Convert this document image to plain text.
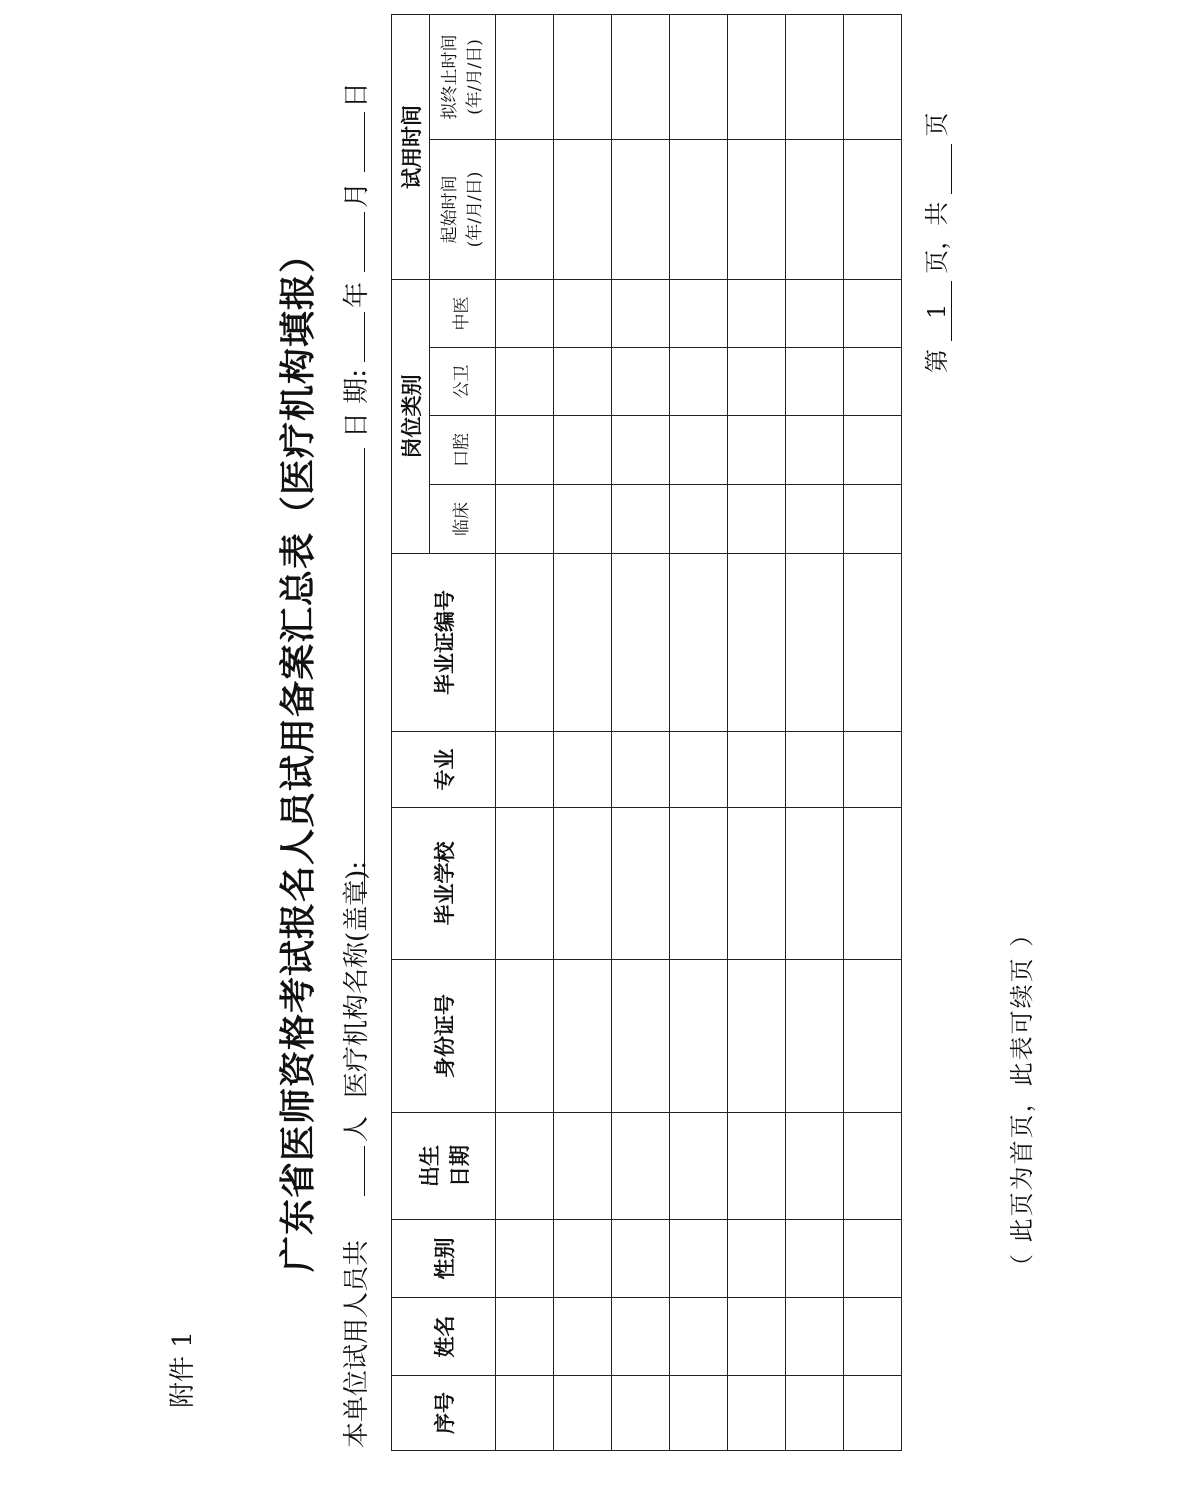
附件 1
广东省医师资格考试报名人员试用备案汇总表（医疗机构填报）
本单位试用人员共
人
医疗机构名称(盖章):
日 期:
年
月
日
序号	姓名	性别	出生 日期	身份证号	毕业学校	专业	毕业证编号	岗位类别				试用时间	
								临床	口腔	公卫	中医	起始时间 (年/月/日)	拟终止时间 (年/月/日)

（ 此页为首页，此表可续页 ）
第 1 页，共  页
